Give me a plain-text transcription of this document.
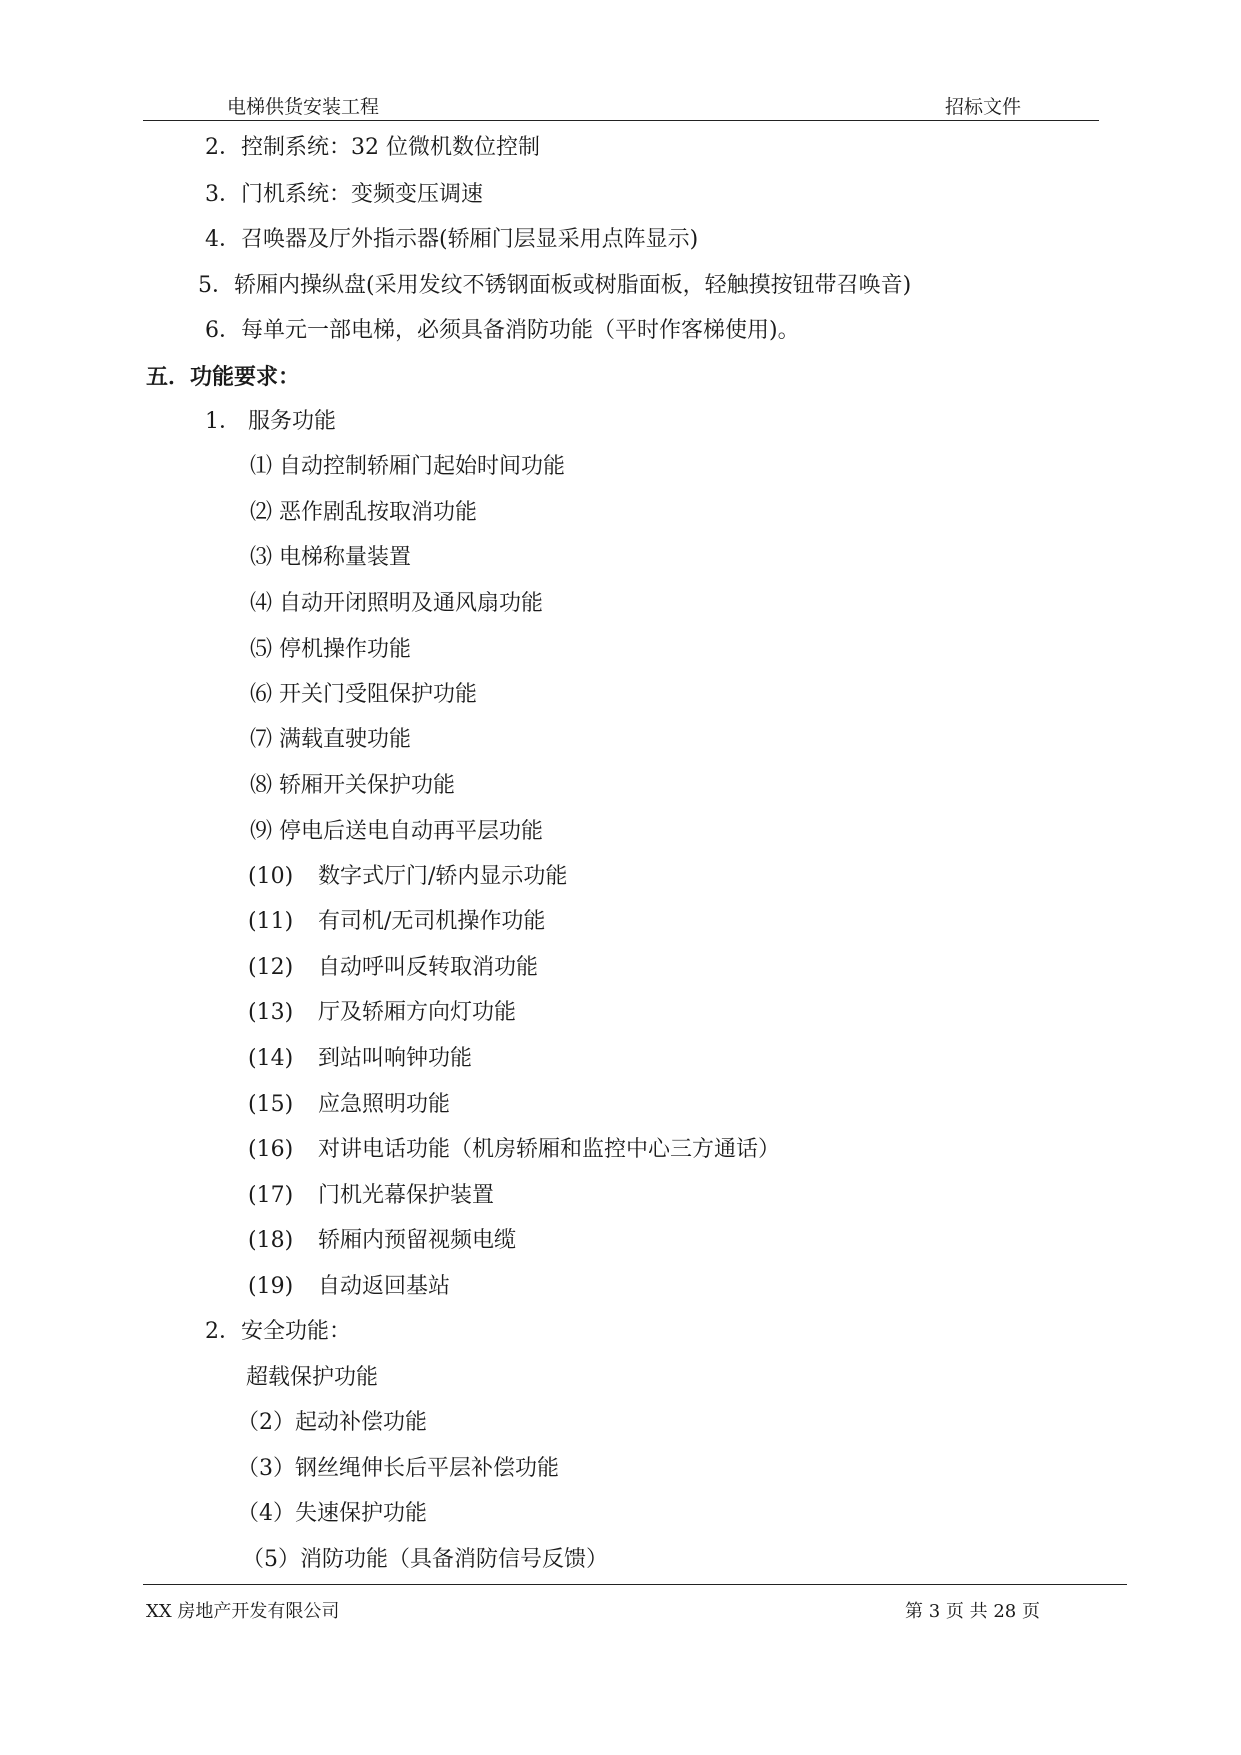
电梯供货安装工程	招标文件
2．控制系统：32 位微机数位控制
3．门机系统：变频变压调速
4．召唤器及厅外指示器(轿厢门层显采用点阵显示)
5．轿厢内操纵盘(采用发纹不锈钢面板或树脂面板，轻触摸按钮带召唤音)
6．每单元一部电梯，必须具备消防功能（平时作客梯使用)。
五．功能要求：
1． 服务功能
⑴ 自动控制轿厢门起始时间功能
⑵ 恶作剧乱按取消功能
⑶ 电梯称量装置
⑷ 自动开闭照明及通风扇功能
⑸ 停机操作功能
⑹ 开关门受阻保护功能
⑺ 满载直驶功能
⑻ 轿厢开关保护功能
⑼ 停电后送电自动再平层功能
(10) 数字式厅门/轿内显示功能
(11) 有司机/无司机操作功能
(12) 自动呼叫反转取消功能
(13) 厅及轿厢方向灯功能
(14) 到站叫响钟功能
(15) 应急照明功能
(16) 对讲电话功能（机房轿厢和监控中心三方通话）
(17) 门机光幕保护装置
(18) 轿厢内预留视频电缆
(19) 自动返回基站
2．安全功能：
超载保护功能
（2）起动补偿功能
（3）钢丝绳伸长后平层补偿功能
（4）失速保护功能
（5）消防功能（具备消防信号反馈）
XX 房地产开发有限公司	第 3 页 共 28 页
